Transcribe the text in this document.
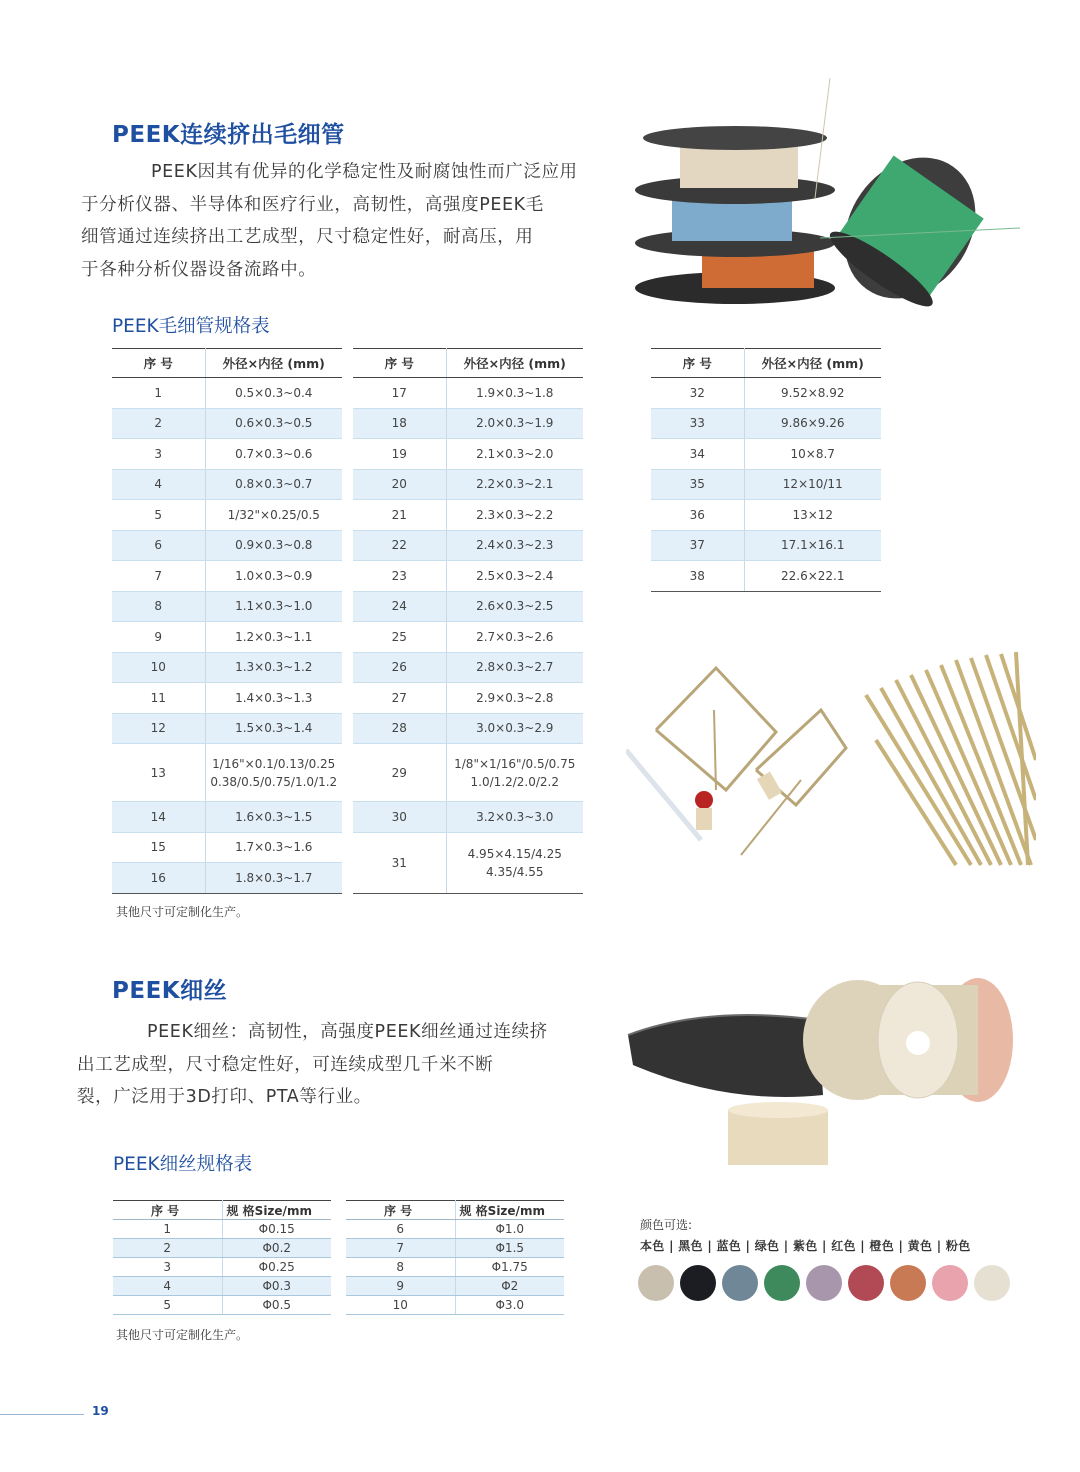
PEEK连续挤出毛细管
PEEK因其有优异的化学稳定性及耐腐蚀性而广泛应用
于分析仪器、半导体和医疗行业，高韧性，高强度PEEK毛
细管通过连续挤出工艺成型，尺寸稳定性好，耐高压，用
于各种分析仪器设备流路中。
PEEK毛细管规格表
序 号	外径×内径 (mm)
1	0.5×0.3~0.4
2	0.6×0.3~0.5
3	0.7×0.3~0.6
4	0.8×0.3~0.7
5	1/32"×0.25/0.5
6	0.9×0.3~0.8
7	1.0×0.3~0.9
8	1.1×0.3~1.0
9	1.2×0.3~1.1
10	1.3×0.3~1.2
11	1.4×0.3~1.3
12	1.5×0.3~1.4
13	1/16"×0.1/0.13/0.25
0.38/0.5/0.75/1.0/1.2
14	1.6×0.3~1.5
15	1.7×0.3~1.6
16	1.8×0.3~1.7
序 号	外径×内径 (mm)
17	1.9×0.3~1.8
18	2.0×0.3~1.9
19	2.1×0.3~2.0
20	2.2×0.3~2.1
21	2.3×0.3~2.2
22	2.4×0.3~2.3
23	2.5×0.3~2.4
24	2.6×0.3~2.5
25	2.7×0.3~2.6
26	2.8×0.3~2.7
27	2.9×0.3~2.8
28	3.0×0.3~2.9
29	1/8"×1/16"/0.5/0.75
1.0/1.2/2.0/2.2
30	3.2×0.3~3.0
31	4.95×4.15/4.25
4.35/4.55
序 号	外径×内径 (mm)
32	9.52×8.92
33	9.86×9.26
34	10×8.7
35	12×10/11
36	13×12
37	17.1×16.1
38	22.6×22.1
其他尺寸可定制化生产。
PEEK细丝
PEEK细丝：高韧性，高强度PEEK细丝通过连续挤
出工艺成型，尺寸稳定性好，可连续成型几千米不断
裂，广泛用于3D打印、PTA等行业。
PEEK细丝规格表
序 号	规 格Size/mm
1	Φ0.15
2	Φ0.2
3	Φ0.25
4	Φ0.3
5	Φ0.5
序 号	规 格Size/mm
6	Φ1.0
7	Φ1.5
8	Φ1.75
9	Φ2
10	Φ3.0
其他尺寸可定制化生产。
颜色可选:
本色 | 黑色 | 蓝色 | 绿色 | 紫色 | 红色 | 橙色 | 黄色 | 粉色
19
